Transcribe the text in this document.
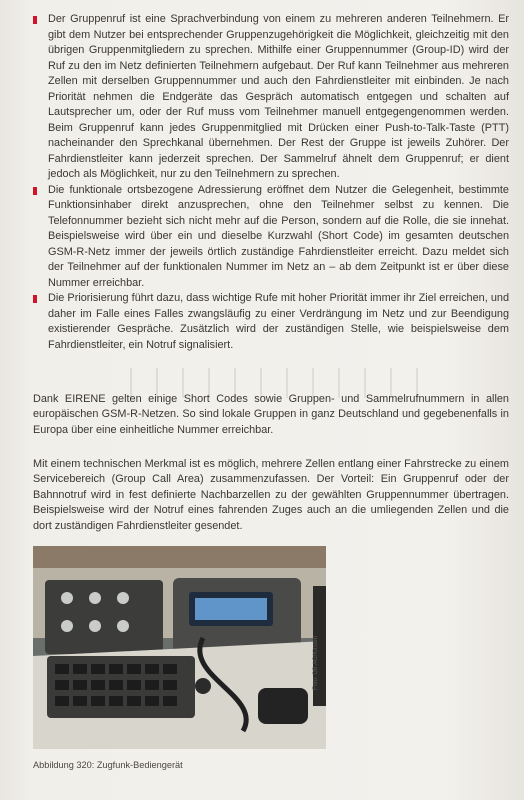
Der Gruppenruf ist eine Sprachverbindung von einem zu mehreren anderen Teilnehmern. Er gibt dem Nutzer bei entsprechender Gruppenzugehörigkeit die Möglichkeit, gleichzeitig mit den übrigen Gruppenmitgliedern zu sprechen. Mithilfe einer Gruppennummer (Group-ID) wird der Ruf zu den im Netz definierten Teilnehmern aufgebaut. Der Ruf kann Teilnehmer aus mehreren Zellen mit derselben Gruppennummer und auch den Fahrdienstleiter mit einbinden. Je nach Priorität nehmen die Endgeräte das Gespräch automatisch entgegen und schalten auf Lautsprecher um, oder der Ruf muss vom Teilnehmer manuell entgegengenommen werden. Beim Gruppenruf kann jedes Gruppenmitglied mit Drücken einer Push-to-Talk-Taste (PTT) nacheinander den Sprechkanal übernehmen. Der Rest der Gruppe ist jeweils Zuhörer. Der Fahrdienstleiter kann jederzeit sprechen. Der Sammelruf ähnelt dem Gruppenruf; er dient jedoch als Möglichkeit, nur zu den Teilnehmern zu sprechen.
Die funktionale ortsbezogene Adressierung eröffnet dem Nutzer die Gelegenheit, bestimmte Funktionsinhaber direkt anzusprechen, ohne den Teilnehmer selbst zu kennen. Die Telefonnummer bezieht sich nicht mehr auf die Person, sondern auf die Rolle, die sie innehat. Beispielsweise wird über ein und dieselbe Kurzwahl (Short Code) im gesamten deutschen GSM-R-Netz immer der jeweils örtlich zuständige Fahrdienstleiter erreicht. Dazu meldet sich der Teilnehmer auf der funktionalen Nummer im Netz an – ab dem Zeitpunkt ist er über diese Nummer erreichbar.
Die Priorisierung führt dazu, dass wichtige Rufe mit hoher Priorität immer ihr Ziel erreichen, und daher im Falle eines Falles zwangsläufig zu einer Verdrängung im Netz und zur Beendigung existierender Gespräche. Zusätzlich wird der zuständigen Stelle, wie beispielsweise dem Fahrdienstleiter, ein Notruf signalisiert.

Dank EIRENE gelten einige Short Codes sowie Gruppen- und Sammelrufnummern in allen europäischen GSM-R-Netzen. So sind lokale Gruppen in ganz Deutschland und gegebenenfalls in Europa über eine einheitliche Nummer erreichbar.

Mit einem technischen Merkmal ist es möglich, mehrere Zellen entlang einer Fahrstrecke zu einem Servicebereich (Group Call Area) zusammenzufassen. Der Vorteil: Ein Gruppenruf oder der Bahnnotruf wird in fest definierte Nachbarzellen zu der gewählten Gruppennummer übertragen. Beispielsweise wird der Notruf eines fahrenden Zuges auch an die umliegenden Zellen und die dort zuständigen Fahrdienstleiter gesendet.

Foto: DB AG/Kirsten
Abbildung 320: Zugfunk-Bediengerät
